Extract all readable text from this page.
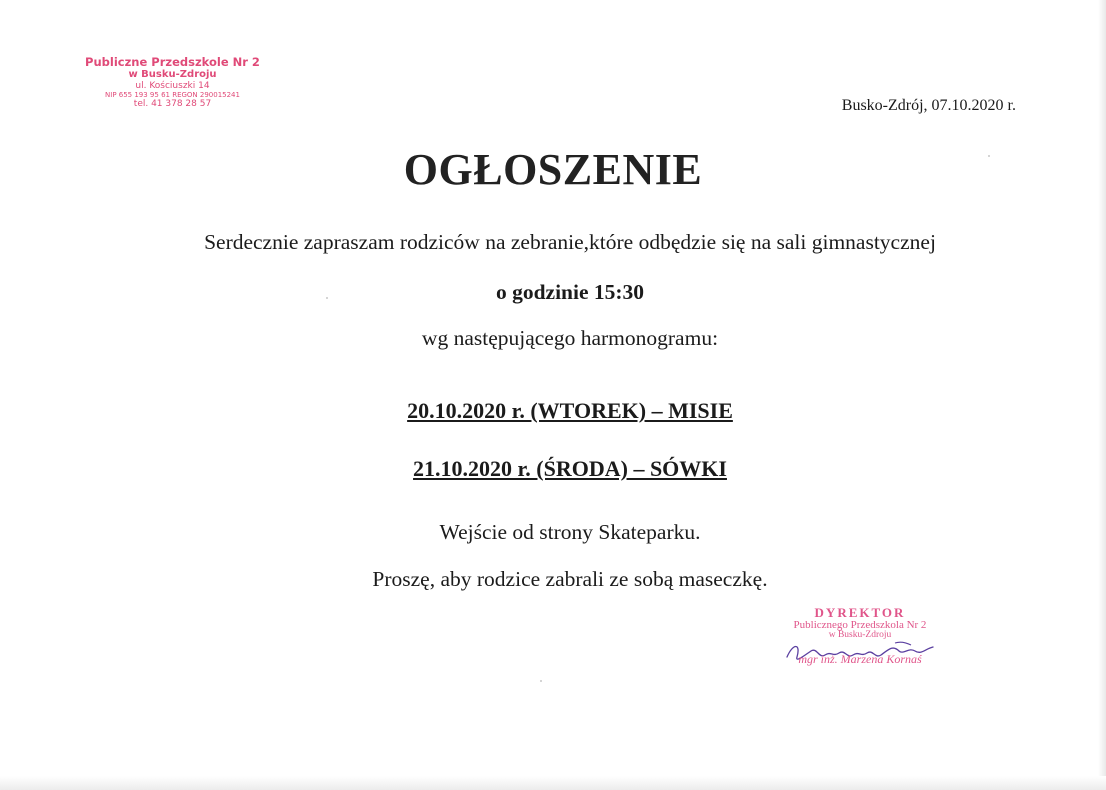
Publiczne Przedszkole Nr 2
w Busku-Zdroju
ul. Kościuszki 14
NIP 655 193 95 61 REGON 290015241
tel. 41 378 28 57	Busko-Zdrój, 07.10.2020 r.
OGŁOSZENIE
Serdecznie zapraszam rodziców na zebranie,które odbędzie się na sali gimnastycznej
o godzinie 15:30
wg następującego harmonogramu:
20.10.2020 r. (WTOREK) – MISIE
21.10.2020 r. (ŚRODA) – SÓWKI
Wejście od strony Skateparku.
Proszę, aby rodzice zabrali ze sobą maseczkę.
DYREKTOR
Publicznego Przedszkola Nr 2
w Busku-Zdroju
mgr inż. Marzena Kornaś
